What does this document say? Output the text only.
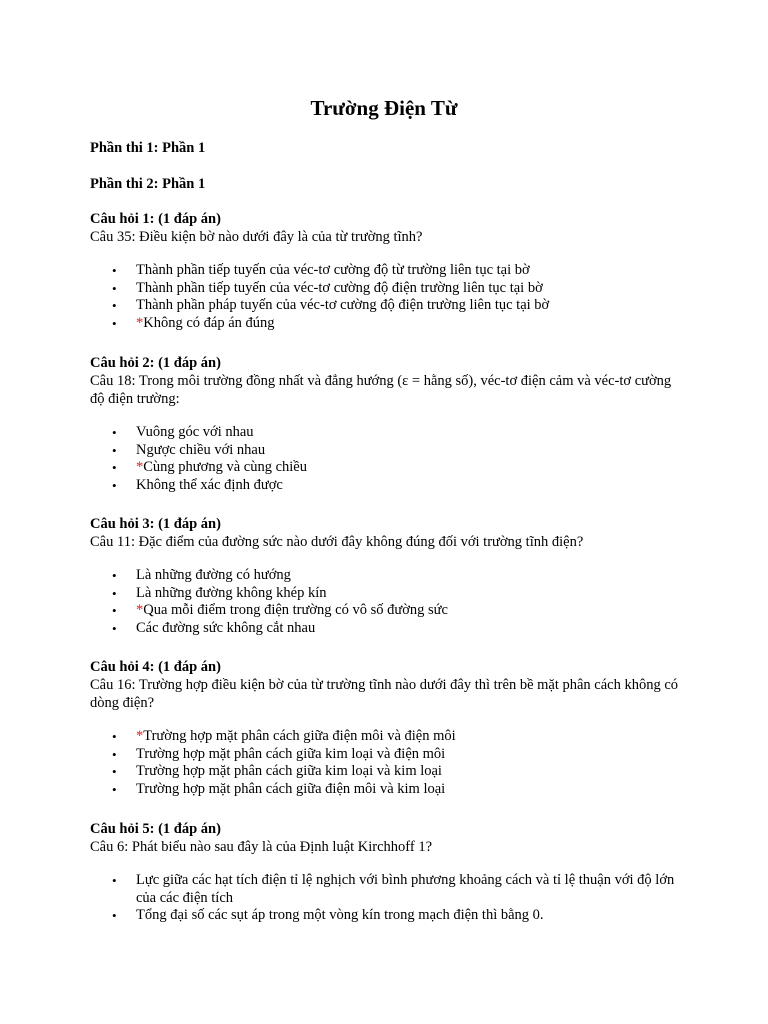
Trường Điện Từ

Phần thi 1: Phần 1

Phần thi 2: Phần 1

Câu hỏi 1: (1 đáp án)

Câu 35: Điều kiện bờ nào dưới đây là của từ trường tĩnh?

• Thành phần tiếp tuyến của véc-tơ cường độ từ trường liên tục tại bờ
• Thành phần tiếp tuyến của véc-tơ cường độ điện trường liên tục tại bờ
• Thành phần pháp tuyến của véc-tơ cường độ điện trường liên tục tại bờ
• *Không có đáp án đúng

Câu hỏi 2: (1 đáp án)

Câu 18: Trong môi trường đồng nhất và đẳng hướng (ε = hằng số), véc-tơ điện cảm và véc-tơ cường độ điện trường:

• Vuông góc với nhau
• Ngược chiều với nhau
• *Cùng phương và cùng chiều
• Không thể xác định được

Câu hỏi 3: (1 đáp án)

Câu 11: Đặc điểm của đường sức nào dưới đây không đúng đối với trường tĩnh điện?

• Là những đường có hướng
• Là những đường không khép kín
• *Qua mỗi điểm trong điện trường có vô số đường sức
• Các đường sức không cắt nhau

Câu hỏi 4: (1 đáp án)

Câu 16: Trường hợp điều kiện bờ của từ trường tĩnh nào dưới đây thì trên bề mặt phân cách không có dòng điện?

• *Trường hợp mặt phân cách giữa điện môi và điện môi
• Trường hợp mặt phân cách giữa kim loại và điện môi
• Trường hợp mặt phân cách giữa kim loại và kim loại
• Trường hợp mặt phân cách giữa điện môi và kim loại

Câu hỏi 5: (1 đáp án)

Câu 6: Phát biểu nào sau đây là của Định luật Kirchhoff 1?

• Lực giữa các hạt tích điện tỉ lệ nghịch với bình phương khoảng cách và tỉ lệ thuận với độ lớn của các điện tích
• Tổng đại số các sụt áp trong một vòng kín trong mạch điện thì bằng 0.
